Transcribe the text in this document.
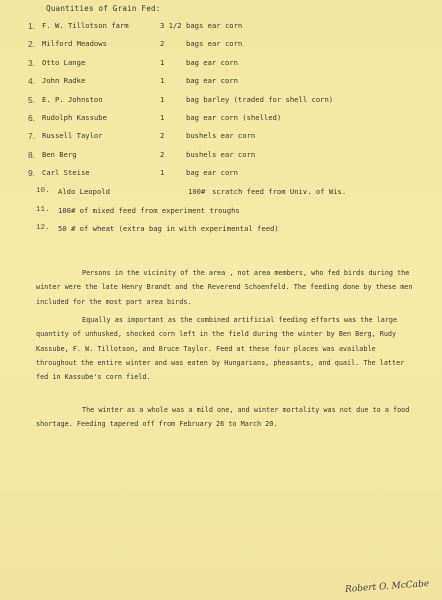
Quantities of Grain Fed:
1. F. W. Tillotson farm	3 1/2 bags ear corn
2. Milford Meadows	2	bags ear corn
3. Otto Lange	1	bag ear corn
4. John Radke	1	bag ear corn
5. E. P. Johnston	1	bag barley (traded for shell corn)
6. Rudolph Kassube	1	bag ear corn (shelled)
7. Russell Taylor	2	bushels ear corn
8. Ben Berg	2	bushels ear corn
9. Carl Steise	1	bag ear corn
10. Aldo Leopold	100# scratch feed from Univ. of Wis.
11. 100# of mixed feed from experiment troughs
12. 50 # of wheat (extra bag in with experimental feed)

Persons in the vicinity of the area , not area members, who fed birds during the winter were the late Henry Brandt and the Reverend Schoenfeld. The feeding done by these men included for the most part area birds.

Equally as important as the combined artificial feeding efforts was the large quantity of unhusked, shocked corn left in the field during the winter by Ben Berg, Rudy Kassube, F. W. Tillotson, and Bruce Taylor. Feed at these four places was available throughout the entire winter and was eaten by Hungarians, pheasants, and quail. The latter fed in Kassube's corn field.

The winter as a whole was a mild one, and winter mortality was not due to a food shortage. Feeding tapered off from February 26 to March 20.

Robert O. McCabe
